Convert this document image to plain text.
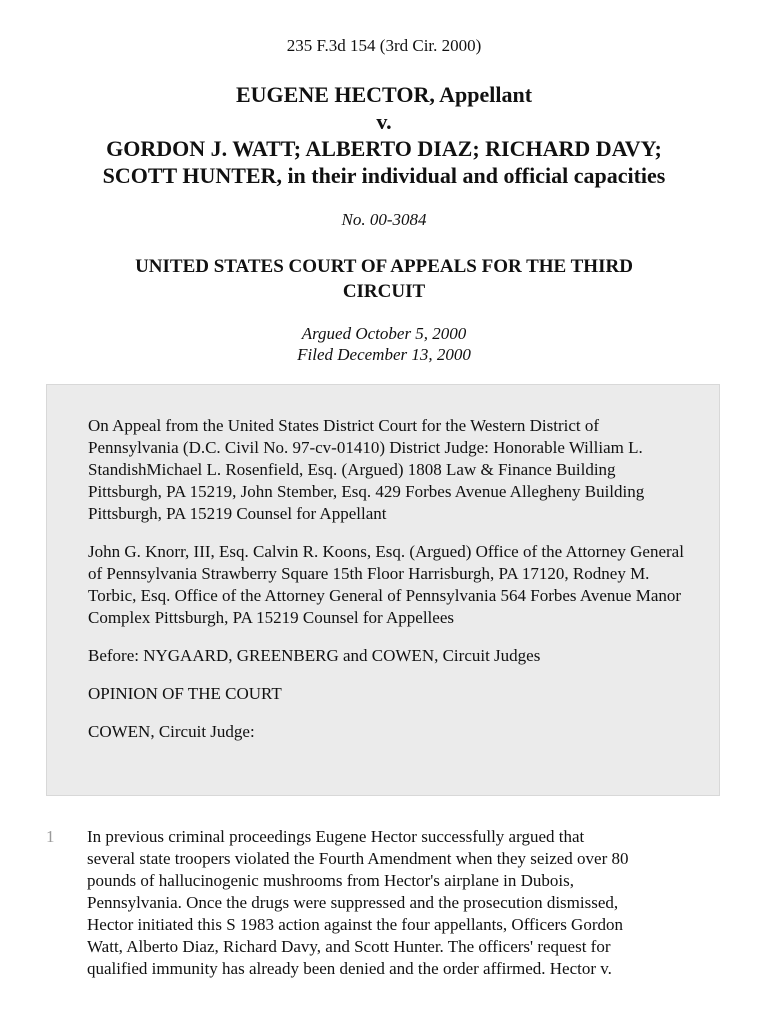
235 F.3d 154 (3rd Cir. 2000)
EUGENE HECTOR, Appellant
v.
GORDON J. WATT; ALBERTO DIAZ; RICHARD DAVY;
SCOTT HUNTER, in their individual and official capacities
No. 00-3084
UNITED STATES COURT OF APPEALS FOR THE THIRD
CIRCUIT
Argued October 5, 2000
Filed December 13, 2000

On Appeal from the United States District Court for the Western District of Pennsylvania (D.C. Civil No. 97-cv-01410) District Judge: Honorable William L. StandishMichael L. Rosenfield, Esq. (Argued) 1808 Law & Finance Building Pittsburgh, PA 15219, John Stember, Esq. 429 Forbes Avenue Allegheny Building Pittsburgh, PA 15219 Counsel for Appellant

John G. Knorr, III, Esq. Calvin R. Koons, Esq. (Argued) Office of the Attorney General of Pennsylvania Strawberry Square 15th Floor Harrisburgh, PA 17120, Rodney M. Torbic, Esq. Office of the Attorney General of Pennsylvania 564 Forbes Avenue Manor Complex Pittsburgh, PA 15219 Counsel for Appellees

Before: NYGAARD, GREENBERG and COWEN, Circuit Judges

OPINION OF THE COURT

COWEN, Circuit Judge:

1 In previous criminal proceedings Eugene Hector successfully argued that
several state troopers violated the Fourth Amendment when they seized over 80
pounds of hallucinogenic mushrooms from Hector's airplane in Dubois,
Pennsylvania. Once the drugs were suppressed and the prosecution dismissed,
Hector initiated this S 1983 action against the four appellants, Officers Gordon
Watt, Alberto Diaz, Richard Davy, and Scott Hunter. The officers' request for
qualified immunity has already been denied and the order affirmed. Hector v.
